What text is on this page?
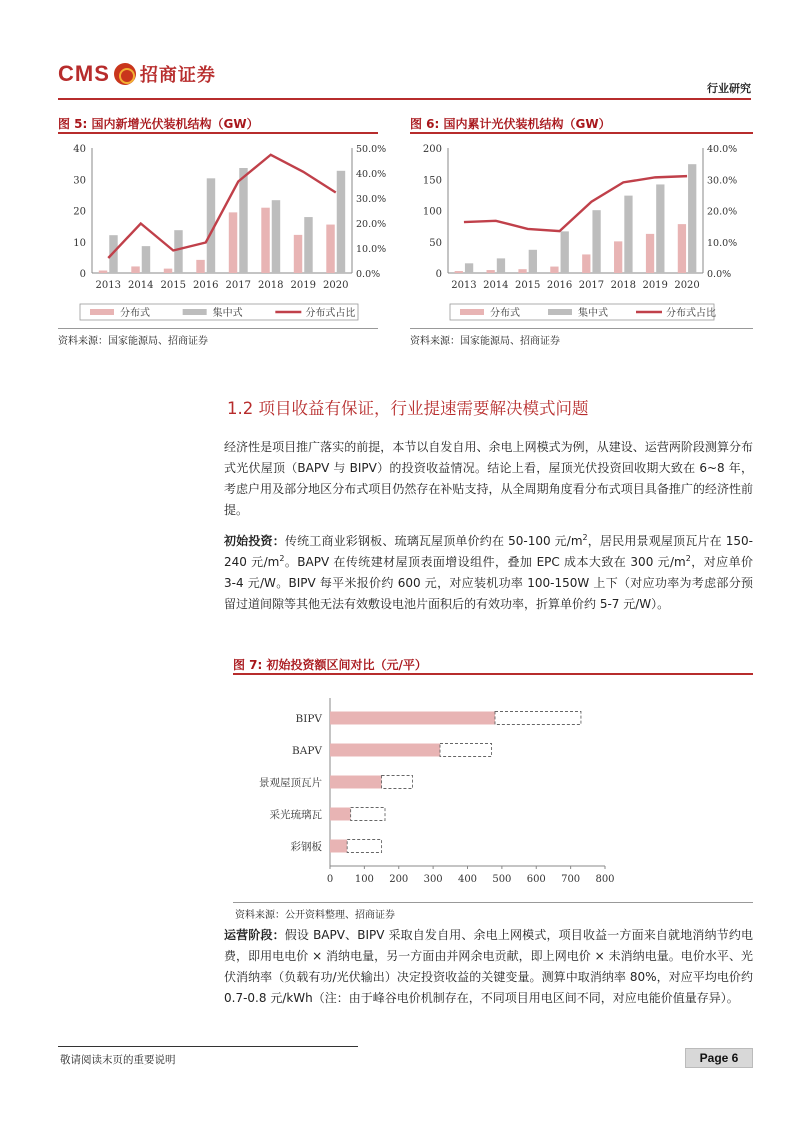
CMS 招商证券
行业研究
图 5: 国内新增光伏装机结构（GW）
0
10
20
30
40
0.0%
10.0%
20.0%
30.0%
40.0%
50.0%
2013 2014 2015 2016 2017 2018 2019 2020
分布式	集中式	分布式占比
资料来源：国家能源局、招商证券
图 6: 国内累计光伏装机结构（GW）
0
50
100
150
200
0.0%
10.0%
20.0%
30.0%
40.0%
2013 2014 2015 2016 2017 2018 2019 2020
分布式	集中式	分布式占比
资料来源：国家能源局、招商证券
1.2 项目收益有保证，行业提速需要解决模式问题
经济性是项目推广落实的前提，本节以自发自用、余电上网模式为例，从建设、运营两阶段测算分布式光伏屋顶（BAPV 与 BIPV）的投资收益情况。结论上看，屋顶光伏投资回收期大致在 6~8 年，考虑户用及部分地区分布式项目仍然存在补贴支持，从全周期角度看分布式项目具备推广的经济性前提。
初始投资：传统工商业彩钢板、琉璃瓦屋顶单价约在 50-100 元$/m^2$，居民用景观屋顶瓦片在 150-240 元$/m^2$。BAPV 在传统建材屋顶表面增设组件，叠加 EPC 成本大致在 300 元$/m^2$，对应单价 3-4 元/W。BIPV 每平米报价约 600 元，对应装机功率 100-150W 上下（对应功率为考虑部分预留过道间隙等其他无法有效敷设电池片面积后的有效功率，折算单价约 5-7 元/W）。
图 7: 初始投资额区间对比（元/平）
0 100 200 300 400 500 600 700 800
BIPV
BAPV
景观屋顶瓦片
采光琉璃瓦
彩钢板
资料来源：公开资料整理、招商证券
运营阶段：假设 BAPV、BIPV 采取自发自用、余电上网模式，项目收益一方面来自就地消纳节约电费，即用电电价 × 消纳电量，另一方面由并网余电贡献，即上网电价 × 未消纳电量。电价水平、光伏消纳率（负载有功/光伏输出）决定投资收益的关键变量。测算中取消纳率 80%，对应平均电价约 0.7-0.8 元/kWh（注：由于峰谷电价机制存在，不同项目用电区间不同，对应电能价值量存异）。
敬请阅读末页的重要说明	Page 6
